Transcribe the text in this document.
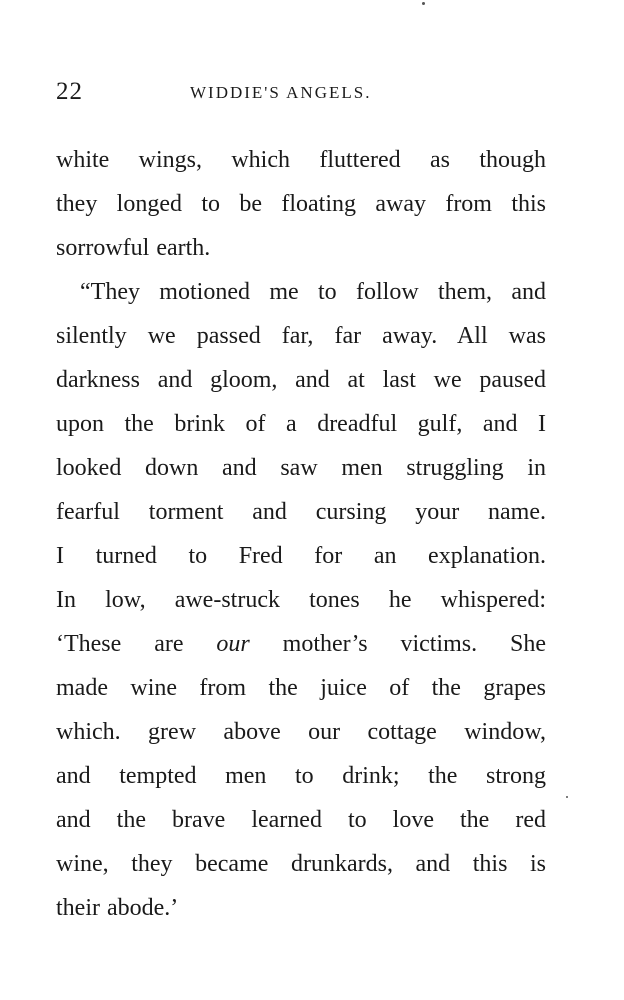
22	WIDDIE'S ANGELS.
white wings, which fluttered as though
they longed to be floating away from this
sorrowful earth.
“They motioned me to follow them, and
silently we passed far, far away. All was
darkness and gloom, and at last we paused
upon the brink of a dreadful gulf, and I
looked down and saw men struggling in
fearful torment and cursing your name.
I turned to Fred for an explanation.
In low, awe-struck tones he whispered:
‘These are our mother’s victims. She
made wine from the juice of the grapes
which. grew above our cottage window,
and tempted men to drink; the strong
and the brave learned to love the red
wine, they became drunkards, and this is
their abode.’
